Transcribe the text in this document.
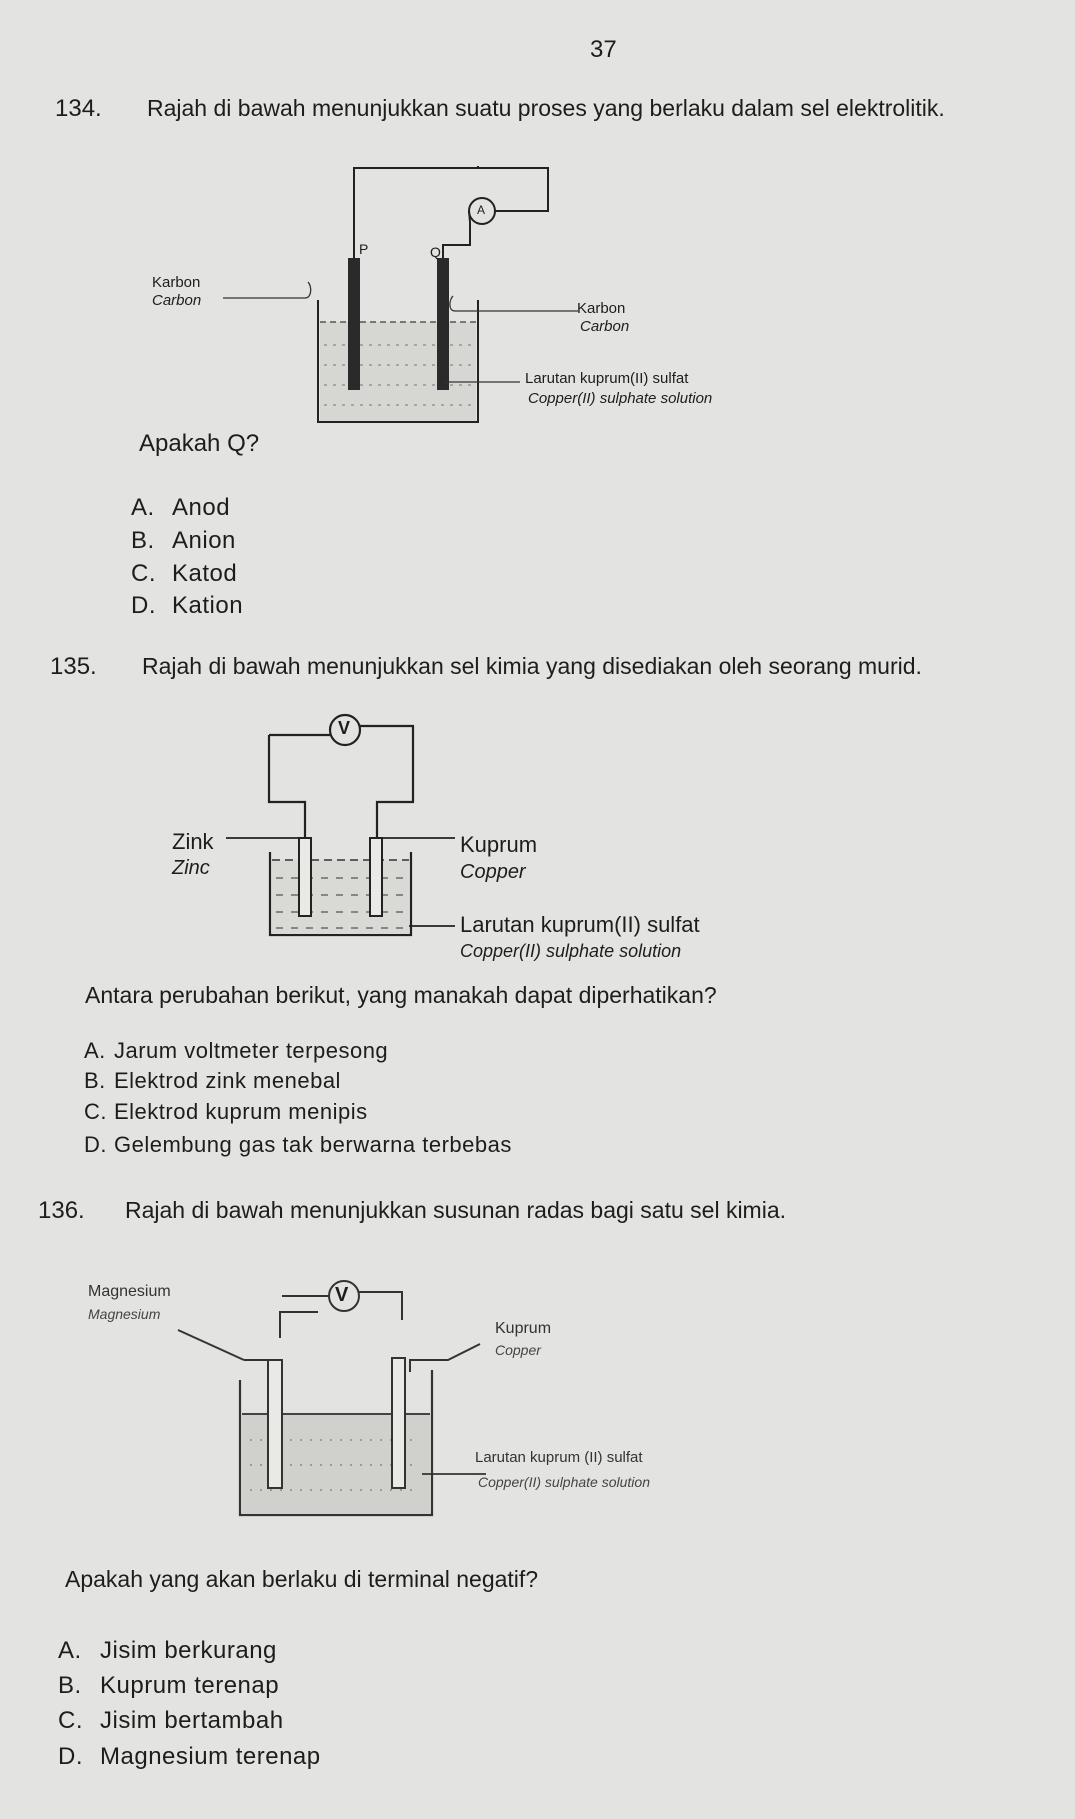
37
134. Rajah di bawah menunjukkan suatu proses yang berlaku dalam sel elektrolitik.
A
P	Q
Karbon
Carbon	Karbon
Carbon
Larutan kuprum(II) sulfat
Copper(II) sulphate solution
Apakah Q?
A. Anod
B. Anion
C. Katod
D. Kation
135. Rajah di bawah menunjukkan sel kimia yang disediakan oleh seorang murid.
V
Zink
Zinc
Kuprum
Copper
Larutan kuprum(II) sulfat
Copper(II) sulphate solution
Antara perubahan berikut, yang manakah dapat diperhatikan?
A. Jarum voltmeter terpesong
B. Elektrod zink menebal
C. Elektrod kuprum menipis
D. Gelembung gas tak berwarna terbebas
136. Rajah di bawah menunjukkan susunan radas bagi satu sel kimia.
V
Magnesium
Magnesium
Kuprum
Copper
Larutan kuprum (II) sulfat
Copper(II) sulphate solution
Apakah yang akan berlaku di terminal negatif?
A. Jisim berkurang
B. Kuprum terenap
C. Jisim bertambah
D. Magnesium terenap
